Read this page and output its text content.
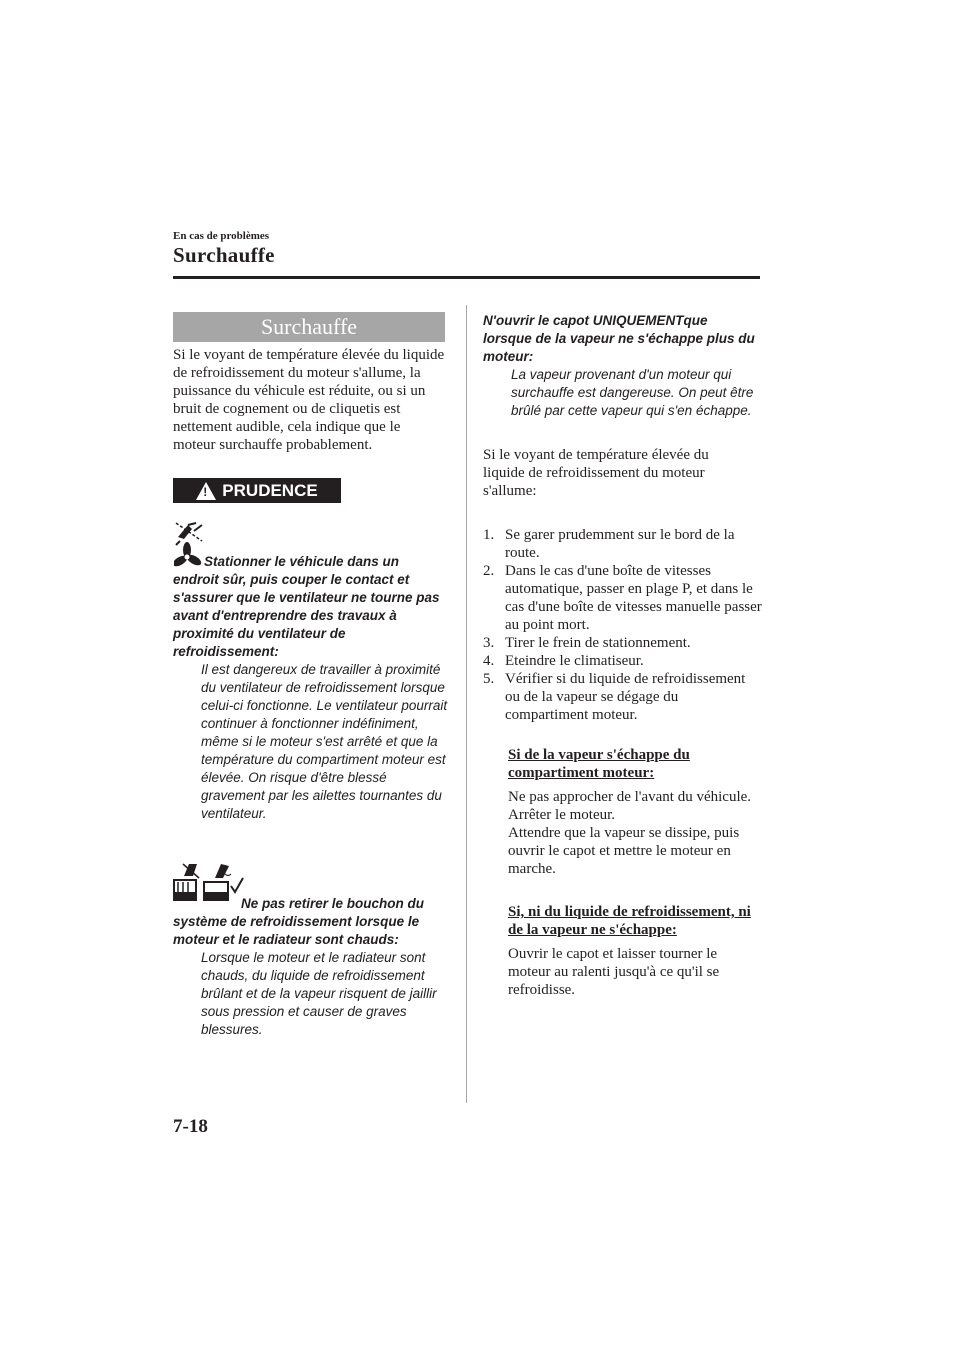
En cas de problèmes
Surchauffe
Surchauffe
Si le voyant de température élevée du liquide de refroidissement du moteur s'allume, la puissance du véhicule est réduite, ou si un bruit de cognement ou de cliquetis est nettement audible, cela indique que le moteur surchauffe probablement.
! PRUDENCE
Stationner le véhicule dans un endroit sûr, puis couper le contact et s'assurer que le ventilateur ne tourne pas avant d'entreprendre des travaux à proximité du ventilateur de refroidissement:
Il est dangereux de travailler à proximité du ventilateur de refroidissement lorsque celui-ci fonctionne. Le ventilateur pourrait continuer à fonctionner indéfiniment, même si le moteur s'est arrêté et que la température du compartiment moteur est élevée. On risque d'être blessé gravement par les ailettes tournantes du ventilateur.
Ne pas retirer le bouchon du système de refroidissement lorsque le moteur et le radiateur sont chauds:
Lorsque le moteur et le radiateur sont chauds, du liquide de refroidissement brûlant et de la vapeur risquent de jaillir sous pression et causer de graves blessures.
N'ouvrir le capot UNIQUEMENTque lorsque de la vapeur ne s'échappe plus du moteur:
La vapeur provenant d'un moteur qui surchauffe est dangereuse. On peut être brûlé par cette vapeur qui s'en échappe.
Si le voyant de température élevée du liquide de refroidissement du moteur s'allume:
1. Se garer prudemment sur le bord de la route.
2. Dans le cas d'une boîte de vitesses automatique, passer en plage P, et dans le cas d'une boîte de vitesses manuelle passer au point mort.
3. Tirer le frein de stationnement.
4. Eteindre le climatiseur.
5. Vérifier si du liquide de refroidissement ou de la vapeur se dégage du compartiment moteur.
Si de la vapeur s'échappe du compartiment moteur:
Ne pas approcher de l'avant du véhicule. Arrêter le moteur.
Attendre que la vapeur se dissipe, puis ouvrir le capot et mettre le moteur en marche.
Si, ni du liquide de refroidissement, ni de la vapeur ne s'échappe:
Ouvrir le capot et laisser tourner le moteur au ralenti jusqu'à ce qu'il se refroidisse.
7-18
